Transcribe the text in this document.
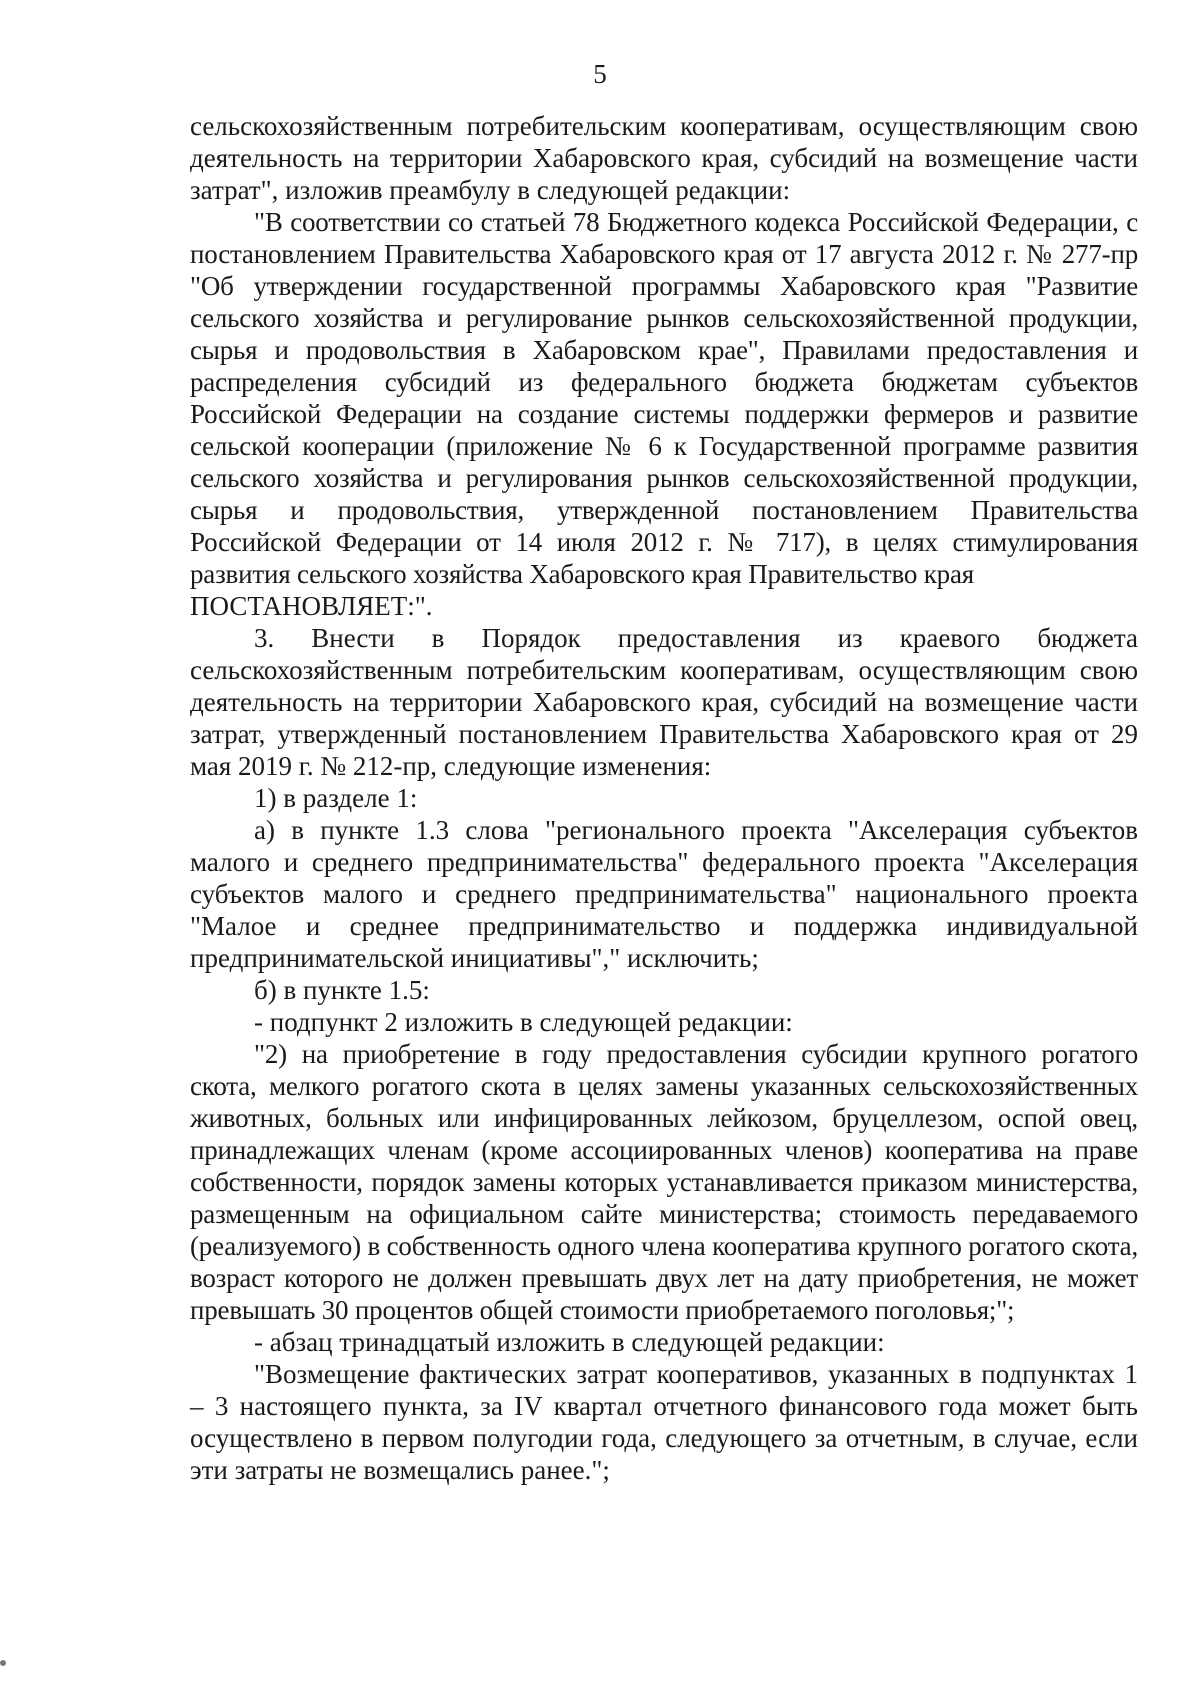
5

сельскохозяйственным потребительским кооперативам, осуществляющим свою деятельность на территории Хабаровского края, субсидий на возмещение части затрат", изложив преамбулу в следующей редакции:

"В соответствии со статьей 78 Бюджетного кодекса Российской Федерации, с постановлением Правительства Хабаровского края от 17 августа 2012 г. № 277-пр "Об утверждении государственной программы Хабаровского края "Развитие сельского хозяйства и регулирование рынков сельскохозяйственной продукции, сырья и продовольствия в Хабаровском крае", Правилами предоставления и распределения субсидий из федерального бюджета бюджетам субъектов Российской Федерации на создание системы поддержки фермеров и развитие сельской кооперации (приложение № 6 к Государственной программе развития сельского хозяйства и регулирования рынков сельскохозяйственной продукции, сырья и продовольствия, утвержденной постановлением Правительства Российской Федерации от 14 июля 2012 г. № 717), в целях стимулирования развития сельского хозяйства Хабаровского края Правительство края

ПОСТАНОВЛЯЕТ:".

3. Внести в Порядок предоставления из краевого бюджета сельскохозяйственным потребительским кооперативам, осуществляющим свою деятельность на территории Хабаровского края, субсидий на возмещение части затрат, утвержденный постановлением Правительства Хабаровского края от 29 мая 2019 г. № 212-пр, следующие изменения:

1) в разделе 1:

а) в пункте 1.3 слова "регионального проекта "Акселерация субъектов малого и среднего предпринимательства" федерального проекта "Акселерация субъектов малого и среднего предпринимательства" национального проекта "Малое и среднее предпринимательство и поддержка индивидуальной предпринимательской инициативы"," исключить;

б) в пункте 1.5:

- подпункт 2 изложить в следующей редакции:

"2) на приобретение в году предоставления субсидии крупного рогатого скота, мелкого рогатого скота в целях замены указанных сельскохозяйственных животных, больных или инфицированных лейкозом, бруцеллезом, оспой овец, принадлежащих членам (кроме ассоциированных членов) кооператива на праве собственности, порядок замены которых устанавливается приказом министерства, размещенным на официальном сайте министерства; стоимость передаваемого (реализуемого) в собственность одного члена кооператива крупного рогатого скота, возраст которого не должен превышать двух лет на дату приобретения, не может превышать 30 процентов общей стоимости приобретаемого поголовья;";

- абзац тринадцатый изложить в следующей редакции:

"Возмещение фактических затрат кооперативов, указанных в подпунктах 1 – 3 настоящего пункта, за IV квартал отчетного финансового года может быть осуществлено в первом полугодии года, следующего за отчетным, в случае, если эти затраты не возмещались ранее.";
